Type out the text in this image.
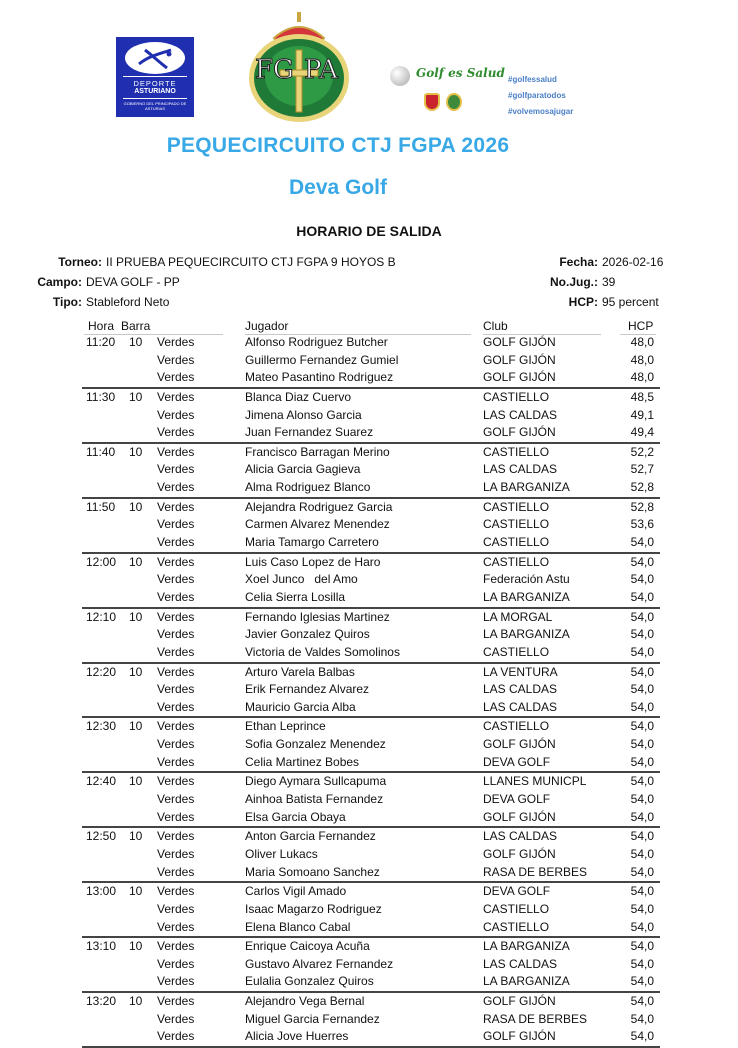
DEPORTE
ASTURIANO
GOBIERNO DEL PRINCIPADO DE ASTURIAS
FG PA	Golf es Salud #golfessalud
#golfparatodos
#volvemosajugar
PEQUECIRCUITO CTJ FGPA 2026
Deva Golf
HORARIO DE SALIDA
Torneo: II PRUEBA PEQUECIRCUITO CTJ FGPA 9 HOYOS B
Campo: DEVA GOLF - PP
Tipo: Stableford Neto
Fecha: 2026-02-16
No.Jug.: 39
HCP: 95 percent
Hora Barra	Jugador	Club	HCP
11:20 10 Verdes	Alfonso Rodriguez Butcher	GOLF GIJÓN	48,0
Verdes	Guillermo Fernandez Gumiel	GOLF GIJÓN	48,0
Verdes	Mateo Pasantino Rodriguez	GOLF GIJÓN	48,0
11:30 10 Verdes	Blanca Diaz Cuervo	CASTIELLO	48,5
Verdes	Jimena Alonso Garcia	LAS CALDAS	49,1
Verdes	Juan Fernandez Suarez	GOLF GIJÓN	49,4
11:40 10 Verdes	Francisco Barragan Merino	CASTIELLO	52,2
Verdes	Alicia Garcia Gagieva	LAS CALDAS	52,7
Verdes	Alma Rodriguez Blanco	LA BARGANIZA	52,8
11:50 10 Verdes	Alejandra Rodriguez Garcia	CASTIELLO	52,8
Verdes	Carmen Alvarez Menendez	CASTIELLO	53,6
Verdes	Maria Tamargo Carretero	CASTIELLO	54,0
12:00 10 Verdes	Luis Caso Lopez de Haro	CASTIELLO	54,0
Verdes	Xoel Junco   del Amo	Federación Astu	54,0
Verdes	Celia Sierra Losilla	LA BARGANIZA	54,0
12:10 10 Verdes	Fernando Iglesias Martinez	LA MORGAL	54,0
Verdes	Javier Gonzalez Quiros	LA BARGANIZA	54,0
Verdes	Victoria de Valdes Somolinos	CASTIELLO	54,0
12:20 10 Verdes	Arturo Varela Balbas	LA VENTURA	54,0
Verdes	Erik Fernandez Alvarez	LAS CALDAS	54,0
Verdes	Mauricio Garcia Alba	LAS CALDAS	54,0
12:30 10 Verdes	Ethan Leprince	CASTIELLO	54,0
Verdes	Sofia Gonzalez Menendez	GOLF GIJÓN	54,0
Verdes	Celia Martinez Bobes	DEVA GOLF	54,0
12:40 10 Verdes	Diego Aymara Sullcapuma	LLANES MUNICPL	54,0
Verdes	Ainhoa Batista Fernandez	DEVA GOLF	54,0
Verdes	Elsa Garcia Obaya	GOLF GIJÓN	54,0
12:50 10 Verdes	Anton Garcia Fernandez	LAS CALDAS	54,0
Verdes	Oliver Lukacs	GOLF GIJÓN	54,0
Verdes	Maria Somoano Sanchez	RASA DE BERBES	54,0
13:00 10 Verdes	Carlos Vigil Amado	DEVA GOLF	54,0
Verdes	Isaac Magarzo Rodriguez	CASTIELLO	54,0
Verdes	Elena Blanco Cabal	CASTIELLO	54,0
13:10 10 Verdes	Enrique Caicoya Acuña	LA BARGANIZA	54,0
Verdes	Gustavo Alvarez Fernandez	LAS CALDAS	54,0
Verdes	Eulalia Gonzalez Quiros	LA BARGANIZA	54,0
13:20 10 Verdes	Alejandro Vega Bernal	GOLF GIJÓN	54,0
Verdes	Miguel Garcia Fernandez	RASA DE BERBES	54,0
Verdes	Alicia Jove Huerres	GOLF GIJÓN	54,0
